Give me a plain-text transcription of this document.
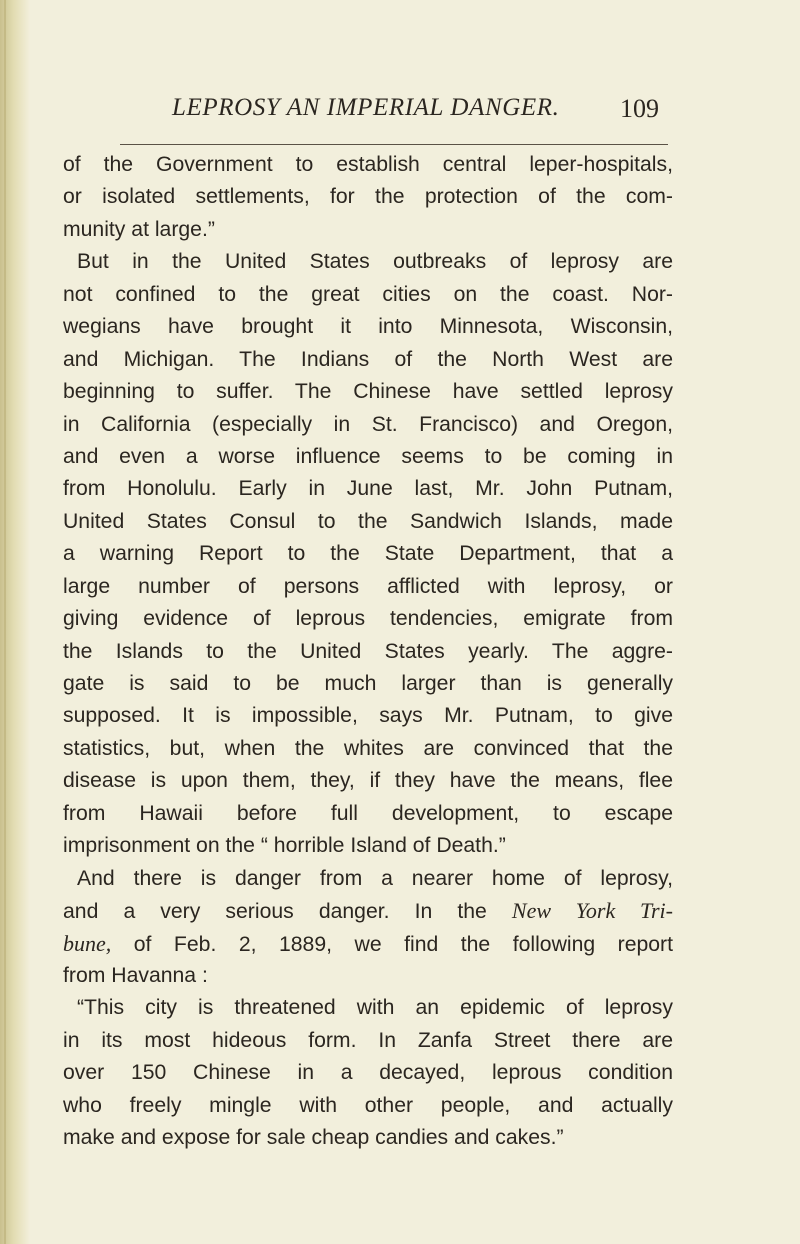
LEPROSY AN IMPERIAL DANGER. 109
of the Government to establish central leper-hospitals,
or isolated settlements, for the protection of the com-
munity at large.”
But in the United States outbreaks of leprosy are
not confined to the great cities on the coast. Nor-
wegians have brought it into Minnesota, Wisconsin,
and Michigan. The Indians of the North West are
beginning to suffer. The Chinese have settled leprosy
in California (especially in St. Francisco) and Oregon,
and even a worse influence seems to be coming in
from Honolulu. Early in June last, Mr. John Putnam,
United States Consul to the Sandwich Islands, made
a warning Report to the State Department, that a
large number of persons afflicted with leprosy, or
giving evidence of leprous tendencies, emigrate from
the Islands to the United States yearly. The aggre-
gate is said to be much larger than is generally
supposed. It is impossible, says Mr. Putnam, to give
statistics, but, when the whites are convinced that the
disease is upon them, they, if they have the means, flee
from Hawaii before full development, to escape
imprisonment on the “ horrible Island of Death.”
And there is danger from a nearer home of leprosy,
and a very serious danger. In the New York Tri-
bune, of Feb. 2, 1889, we find the following report
from Havanna :
“This city is threatened with an epidemic of leprosy
in its most hideous form. In Zanfa Street there are
over 150 Chinese in a decayed, leprous condition
who freely mingle with other people, and actually
make and expose for sale cheap candies and cakes.”
